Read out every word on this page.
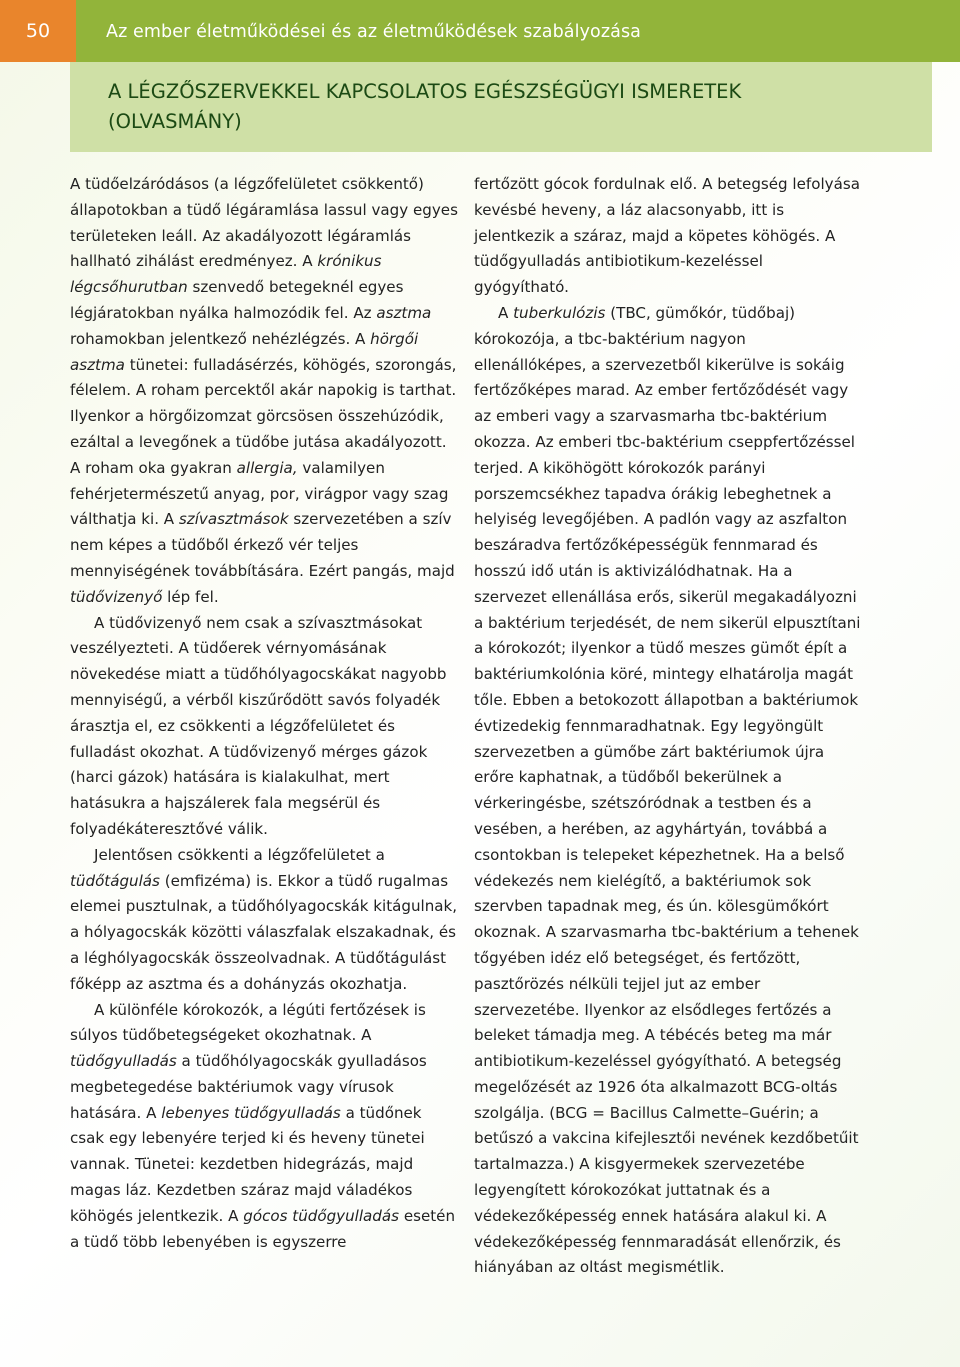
50	Az ember életműködései és az életműködések szabályozása
A LÉGZŐSZERVEKKEL KAPCSOLATOS EGÉSZSÉGÜGYI ISMERETEK
(OLVASMÁNY)

A tüdőelzáródásos (a légzőfelületet csökkentő) állapotokban a tüdő légáramlása lassul vagy egyes területeken leáll. Az akadályozott légáramlás hallható zihálást eredményez. A krónikus légcsőhurutban szenvedő betegeknél egyes légjáratokban nyálka halmozódik fel. Az asztma rohamokban jelentkező nehézlégzés. A hörgői asztma tünetei: fulladásérzés, köhögés, szorongás, félelem. A roham percektől akár napokig is tarthat. Ilyenkor a hörgőizomzat görcsösen összehúzódik, ezáltal a levegőnek a tüdőbe jutása akadályozott. A roham oka gyakran allergia, valamilyen fehérjetermészetű anyag, por, virágpor vagy szag válthatja ki. A szívasztmások szervezetében a szív nem képes a tüdőből érkező vér teljes mennyiségének továbbítására. Ezért pangás, majd tüdővizenyő lép fel.

A tüdővizenyő nem csak a szívasztmásokat veszélyezteti. A tüdőerek vérnyomásának növekedése miatt a tüdőhólyagocskákat nagyobb mennyiségű, a vérből kiszűrődött savós folyadék árasztja el, ez csökkenti a légzőfelületet és fulladást okozhat. A tüdővizenyő mérges gázok (harci gázok) hatására is kialakulhat, mert hatásukra a hajszálerek fala megsérül és folyadékáteresztővé válik.

Jelentősen csökkenti a légzőfelületet a tüdőtágulás (emfizéma) is. Ekkor a tüdő rugalmas elemei pusztulnak, a tüdőhólyagocskák kitágulnak, a hólyagocskák közötti válaszfalak elszakadnak, és a léghólyagocskák összeolvadnak. A tüdőtágulást főképp az asztma és a dohányzás okozhatja.

A különféle kórokozók, a légúti fertőzések is súlyos tüdőbetegségeket okozhatnak. A tüdőgyulladás a tüdőhólyagocskák gyulladásos megbetegedése baktériumok vagy vírusok hatására. A lebenyes tüdőgyulladás a tüdőnek csak egy lebenyére terjed ki és heveny tünetei vannak. Tünetei: kezdetben hidegrázás, majd magas láz. Kezdetben száraz majd váladékos köhögés jelentkezik. A gócos tüdőgyulladás esetén a tüdő több lebenyében is egyszerre

fertőzött gócok fordulnak elő. A betegség lefolyása kevésbé heveny, a láz alacsonyabb, itt is jelentkezik a száraz, majd a köpetes köhögés. A tüdőgyulladás antibiotikum-kezeléssel gyógyítható.

A tuberkulózis (TBC, gümőkór, tüdőbaj) kórokozója, a tbc-baktérium nagyon ellenállóképes, a szervezetből kikerülve is sokáig fertőzőképes marad. Az ember fertőződését vagy az emberi vagy a szarvasmarha tbc-baktérium okozza. Az emberi tbc-baktérium cseppfertőzéssel terjed. A kiköhögött kórokozók parányi porszemcsékhez tapadva órákig lebeghetnek a helyiség levegőjében. A padlón vagy az aszfalton beszáradva fertőzőképességük fennmarad és hosszú idő után is aktivizálódhatnak. Ha a szervezet ellenállása erős, sikerül megakadályozni a baktérium terjedését, de nem sikerül elpusztítani a kórokozót; ilyenkor a tüdő meszes gümőt épít a baktériumkolónia köré, mintegy elhatárolja magát tőle. Ebben a betokozott állapotban a baktériumok évtizedekig fennmaradhatnak. Egy legyöngült szervezetben a gümőbe zárt baktériumok újra erőre kaphatnak, a tüdőből bekerülnek a vérkeringésbe, szétszóródnak a testben és a vesében, a herében, az agyhártyán, továbbá a csontokban is telepeket képezhetnek. Ha a belső védekezés nem kielégítő, a baktériumok sok szervben tapadnak meg, és ún. kölesgümőkórt okoznak. A szarvasmarha tbc-baktérium a tehenek tőgyében idéz elő betegséget, és fertőzött, pasztőrözés nélküli tejjel jut az ember szervezetébe. Ilyenkor az elsődleges fertőzés a beleket támadja meg. A tébécés beteg ma már antibiotikum-kezeléssel gyógyítható. A betegség megelőzését az 1926 óta alkalmazott BCG-oltás szolgálja. (BCG = Bacillus Calmette–Guérin; a betűszó a vakcina kifejlesztői nevének kezdőbetűit tartalmazza.) A kisgyermekek szervezetébe legyengített kórokozókat juttatnak és a védekezőképesség ennek hatására alakul ki. A védekezőképesség fennmaradását ellenőrzik, és hiányában az oltást megismétlik.
